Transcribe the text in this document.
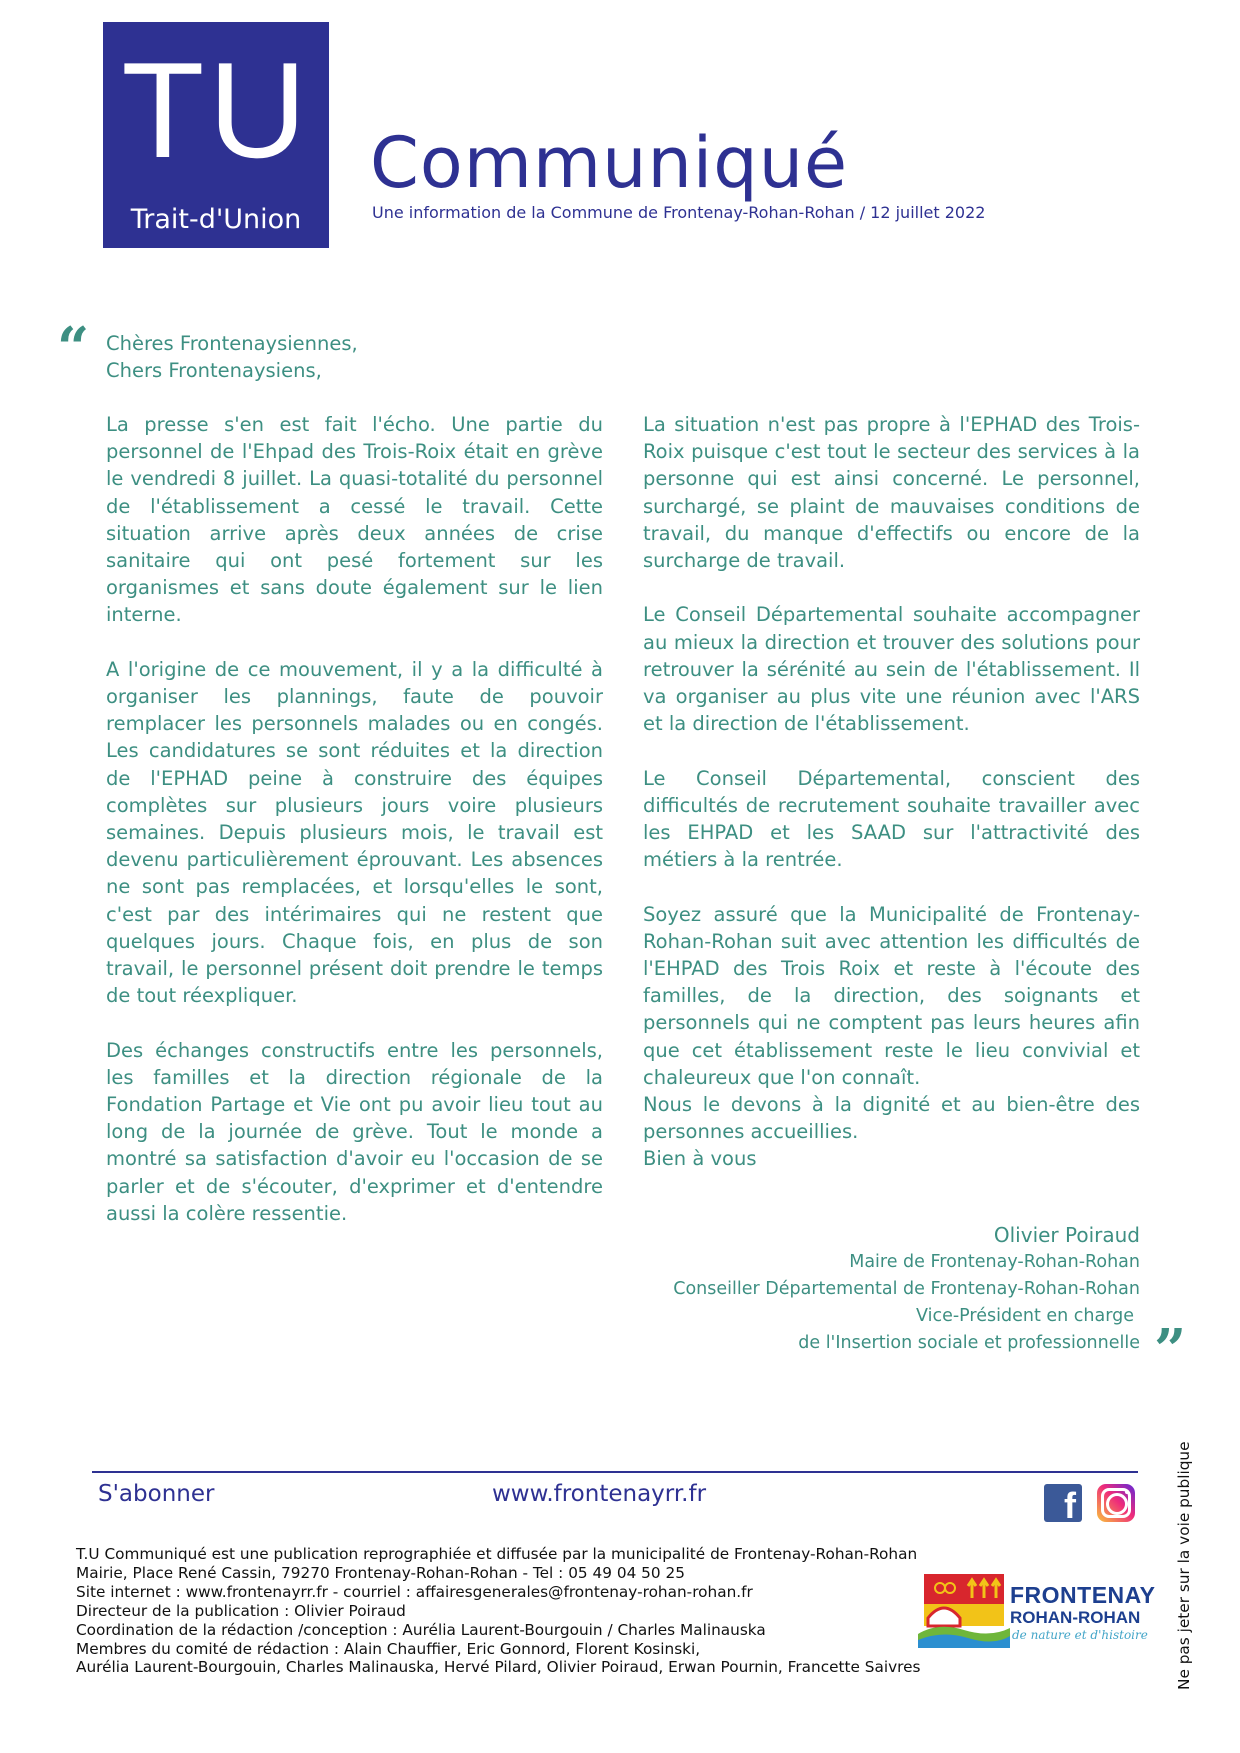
TU
Trait-d'Union
Communiqué
Une information de la Commune de Frontenay-Rohan-Rohan / 12 juillet 2022
“
”
Chères Frontenaysiennes,
Chers Frontenaysiens,

La presse s'en est fait l'écho. Une partie du personnel de l'Ehpad des Trois-Roix était en grève le vendredi 8 juillet. La quasi-totalité du personnel de l'établissement a cessé le travail. Cette situation arrive après deux années de crise sanitaire qui ont pesé fortement sur les organismes et sans doute également sur le lien interne.

A l'origine de ce mouvement, il y a la difficulté à organiser les plannings, faute de pouvoir remplacer les personnels malades ou en congés. Les candidatures se sont réduites et la direction de l'EPHAD peine à construire des équipes complètes sur plusieurs jours voire plusieurs semaines. Depuis plusieurs mois, le travail est devenu particulièrement éprouvant. Les absences ne sont pas remplacées, et lorsqu'elles le sont, c'est par des intérimaires qui ne restent que quelques jours. Chaque fois, en plus de son travail, le personnel présent doit prendre le temps de tout réexpliquer.

Des échanges constructifs entre les personnels, les familles et la direction régionale de la Fondation Partage et Vie ont pu avoir lieu tout au long de la journée de grève. Tout le monde a montré sa satisfaction d'avoir eu l'occasion de se parler et de s'écouter, d'exprimer et d'entendre aussi la colère ressentie.

La situation n'est pas propre à l'EPHAD des Trois-Roix puisque c'est tout le secteur des services à la personne qui est ainsi concerné. Le personnel, surchargé, se plaint de mauvaises conditions de travail, du manque d'effectifs ou encore de la surcharge de travail.

Le Conseil Départemental souhaite accompagner au mieux la direction et trouver des solutions pour retrouver la sérénité au sein de l'établissement. Il va organiser au plus vite une réunion avec l'ARS et la direction de l'établissement.

Le Conseil Départemental, conscient des difficultés de recrutement souhaite travailler avec les EHPAD et les SAAD sur l'attractivité des métiers à la rentrée.

Soyez assuré que la Municipalité de Frontenay-Rohan-Rohan suit avec attention les difficultés de l'EHPAD des Trois Roix et reste à l'écoute des familles, de la direction, des soignants et personnels qui ne comptent pas leurs heures afin que cet établissement reste le lieu convivial et chaleureux que l'on connaît.

Nous le devons à la dignité et au bien-être des personnes accueillies.

Bien à vous

Olivier Poiraud
Maire de Frontenay-Rohan-Rohan
Conseiller Départemental de Frontenay-Rohan-Rohan
Vice-Président en charge
de l'Insertion sociale et professionnelle
S'abonner	www.frontenayrr.fr	f
T.U Communiqué est une publication reprographiée et diffusée par la municipalité de Frontenay-Rohan-Rohan
Mairie, Place René Cassin, 79270 Frontenay-Rohan-Rohan - Tel : 05 49 04 50 25
Site internet : www.frontenayrr.fr - courriel : affairesgenerales@frontenay-rohan-rohan.fr
Directeur de la publication : Olivier Poiraud
Coordination de la rédaction /conception : Aurélia Laurent-Bourgouin / Charles Malinauska
Membres du comité de rédaction : Alain Chauffier, Eric Gonnord, Florent Kosinski,
Aurélia Laurent-Bourgouin, Charles Malinauska, Hervé Pilard, Olivier Poiraud, Erwan Pournin, Francette Saivres
FRONTENAY
ROHAN-ROHAN
de nature et d'histoire Ne pas jeter sur la voie publique
